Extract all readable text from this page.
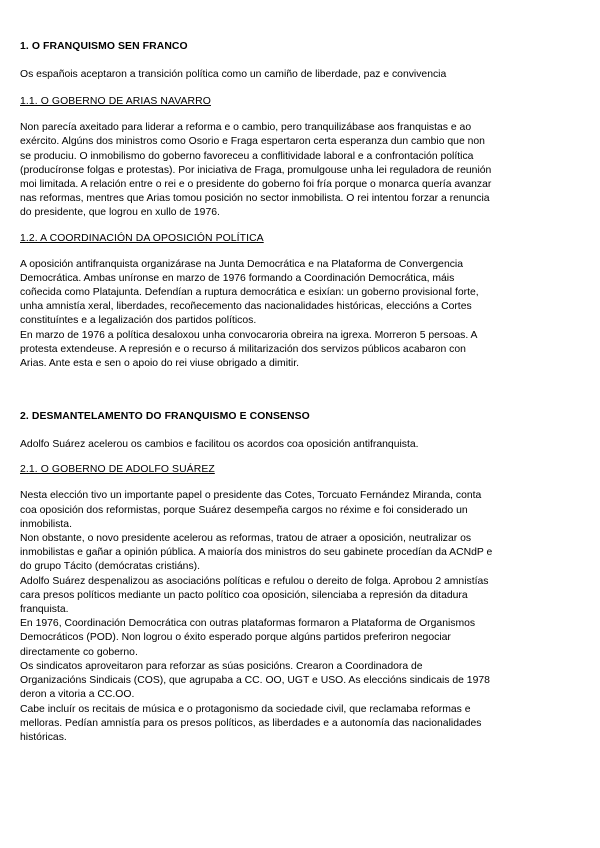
1. O FRANQUISMO SEN FRANCO

Os españois aceptaron a transición política como un camiño de liberdade, paz e convivencia

1.1. O GOBERNO DE ARIAS NAVARRO

Non parecía axeitado para liderar a reforma e o cambio, pero tranquilizábase aos franquistas e ao

exército. Algúns dos ministros como Osorio e Fraga espertaron certa esperanza dun cambio que non

se produciu. O inmobilismo do goberno favoreceu a conflitividade laboral e a confrontación política

(producíronse folgas e protestas). Por iniciativa de Fraga, promulgouse unha lei reguladora de reunión

moi limitada. A relación entre o rei e o presidente do goberno foi fría porque o monarca quería avanzar

nas reformas, mentres que Arias tomou posición no sector inmobilista. O rei intentou forzar a renuncia

do presidente, que logrou en xullo de 1976.

1.2. A COORDINACIÓN DA OPOSICIÓN POLÍTICA

A oposición antifranquista organizárase na Junta Democrática e na Plataforma de Convergencia

Democrática. Ambas uníronse en marzo de 1976 formando a Coordinación Democrática, máis

coñecida como Platajunta. Defendían a ruptura democrática e esixían: un goberno provisional forte,

unha amnistía xeral, liberdades, recoñecemento das nacionalidades históricas, eleccións a Cortes

constituíntes e a legalización dos partidos políticos.

En marzo de 1976 a política desaloxou unha convocaroria obreira na igrexa. Morreron 5 persoas. A

protesta extendeuse. A represión e o recurso á militarización dos servizos públicos acabaron con

Arias. Ante esta e sen o apoio do rei viuse obrigado a dimitir.

2. DESMANTELAMENTO DO FRANQUISMO E CONSENSO

Adolfo Suárez acelerou os cambios e facilitou os acordos coa oposición antifranquista.

2.1. O GOBERNO DE ADOLFO SUÁREZ

Nesta elección tivo un importante papel o presidente das Cotes, Torcuato Fernández Miranda, conta

coa oposición dos reformistas, porque Suárez desempeña cargos no réxime e foi considerado un

inmobilista.

Non obstante, o novo presidente acelerou as reformas, tratou de atraer a oposición, neutralizar os

inmobilistas e gañar a opinión pública. A maioría dos ministros do seu gabinete procedían da ACNdP e

do grupo Tácito (demócratas cristiáns).

Adolfo Suárez despenalizou as asociacións políticas e refulou o dereito de folga. Aprobou 2 amnistías

cara presos políticos mediante un pacto político coa oposición, silenciaba a represión da ditadura

franquista.

En 1976, Coordinación Democrática con outras plataformas formaron a Plataforma de Organismos

Democráticos (POD). Non logrou o éxito esperado porque algúns partidos preferiron negociar

directamente co goberno.

Os sindicatos aproveitaron para reforzar as súas posicións. Crearon a Coordinadora de

Organizacións Sindicais (COS), que agrupaba a CC. OO, UGT e USO. As eleccións sindicais de 1978

deron a vitoria a CC.OO.

Cabe incluír os recitais de música e o protagonismo da sociedade civil, que reclamaba reformas e

melloras. Pedían amnistía para os presos políticos, as liberdades e a autonomía das nacionalidades

históricas.
